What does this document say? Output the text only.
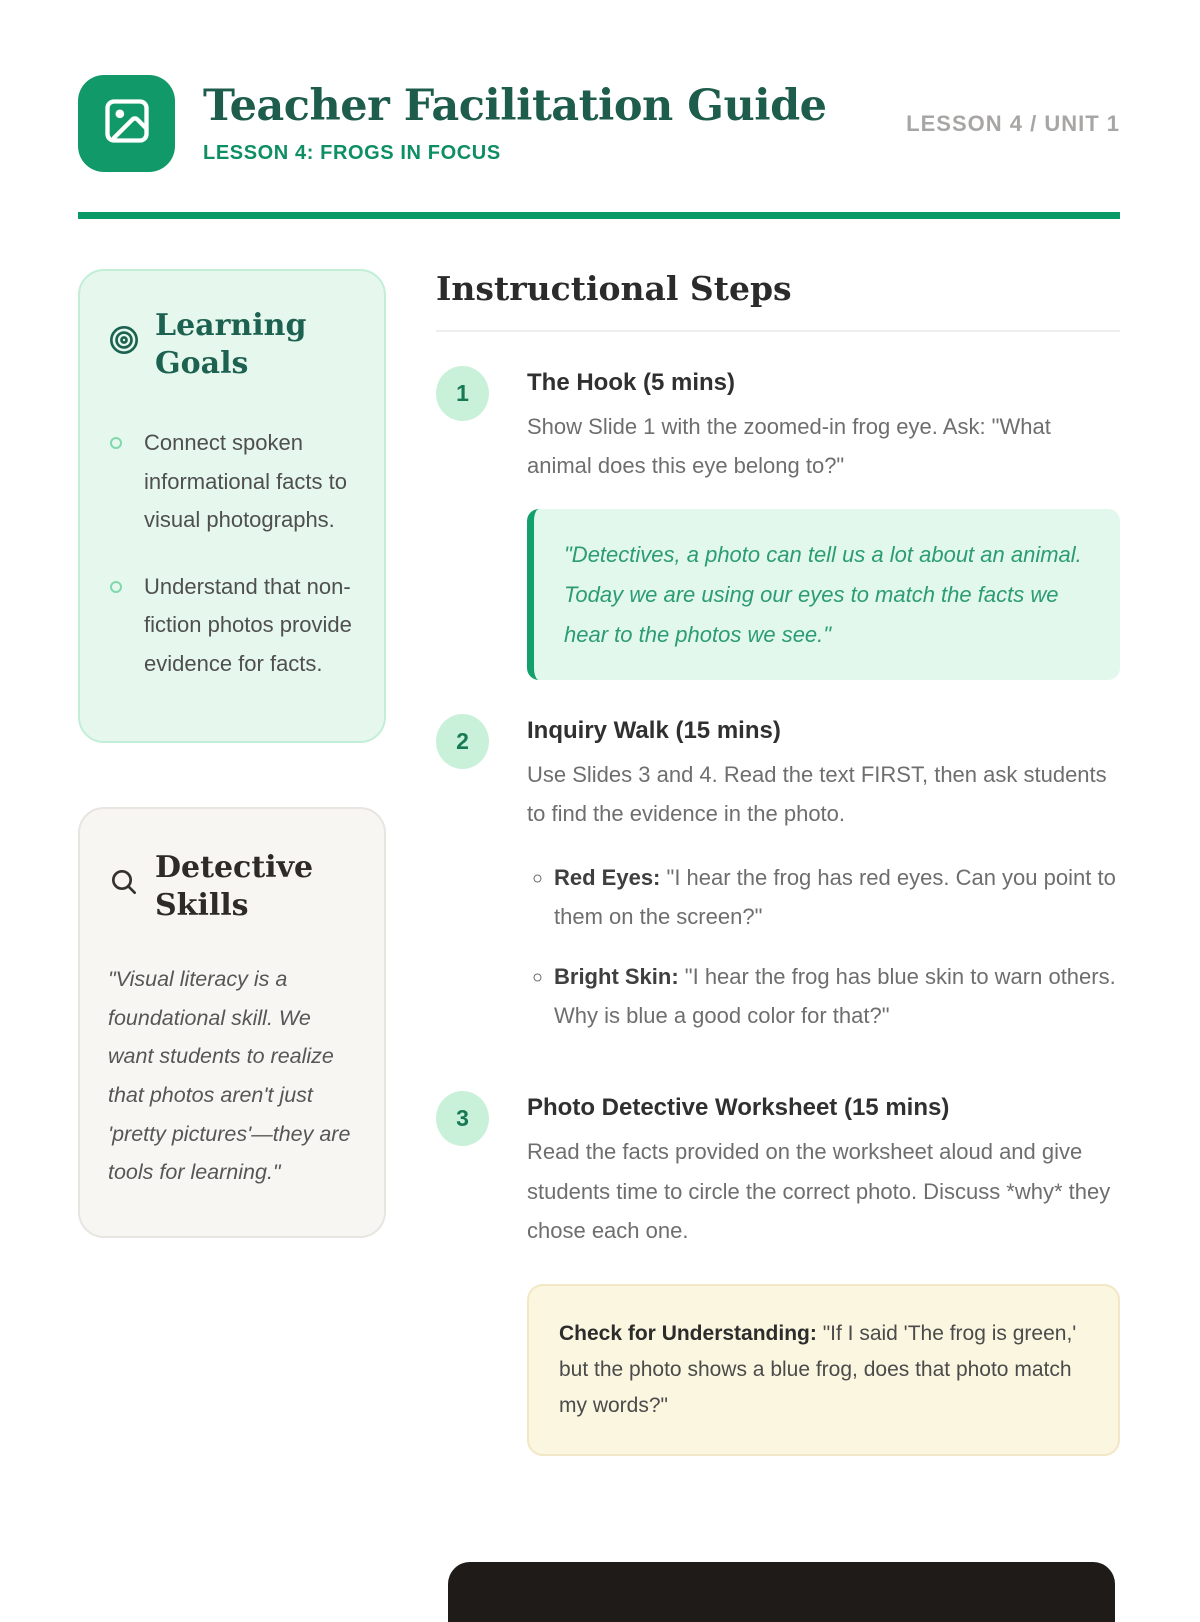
Teacher Facilitation Guide
LESSON 4: FROGS IN FOCUS
LESSON 4 / UNIT 1
Learning Goals
Connect spoken informational facts to visual photographs.
Understand that non-fiction photos provide evidence for facts.
Detective Skills

"Visual literacy is a foundational skill. We want students to realize that photos aren't just 'pretty pictures'—they are tools for learning."

Instructional Steps
1	The Hook (5 mins)
Show Slide 1 with the zoomed-in frog eye. Ask: "What animal does this eye belong to?"
"Detectives, a photo can tell us a lot about an animal. Today we are using our eyes to match the facts we hear to the photos we see."
2	Inquiry Walk (15 mins)
Use Slides 3 and 4. Read the text FIRST, then ask students to find the evidence in the photo.
◦ Red Eyes: "I hear the frog has red eyes. Can you point to them on the screen?"
◦ Bright Skin: "I hear the frog has blue skin to warn others. Why is blue a good color for that?"
3	Photo Detective Worksheet (15 mins)
Read the facts provided on the worksheet aloud and give students time to circle the correct photo. Discuss *why* they chose each one.
Check for Understanding: "If I said 'The frog is green,' but the photo shows a blue frog, does that photo match my words?"
